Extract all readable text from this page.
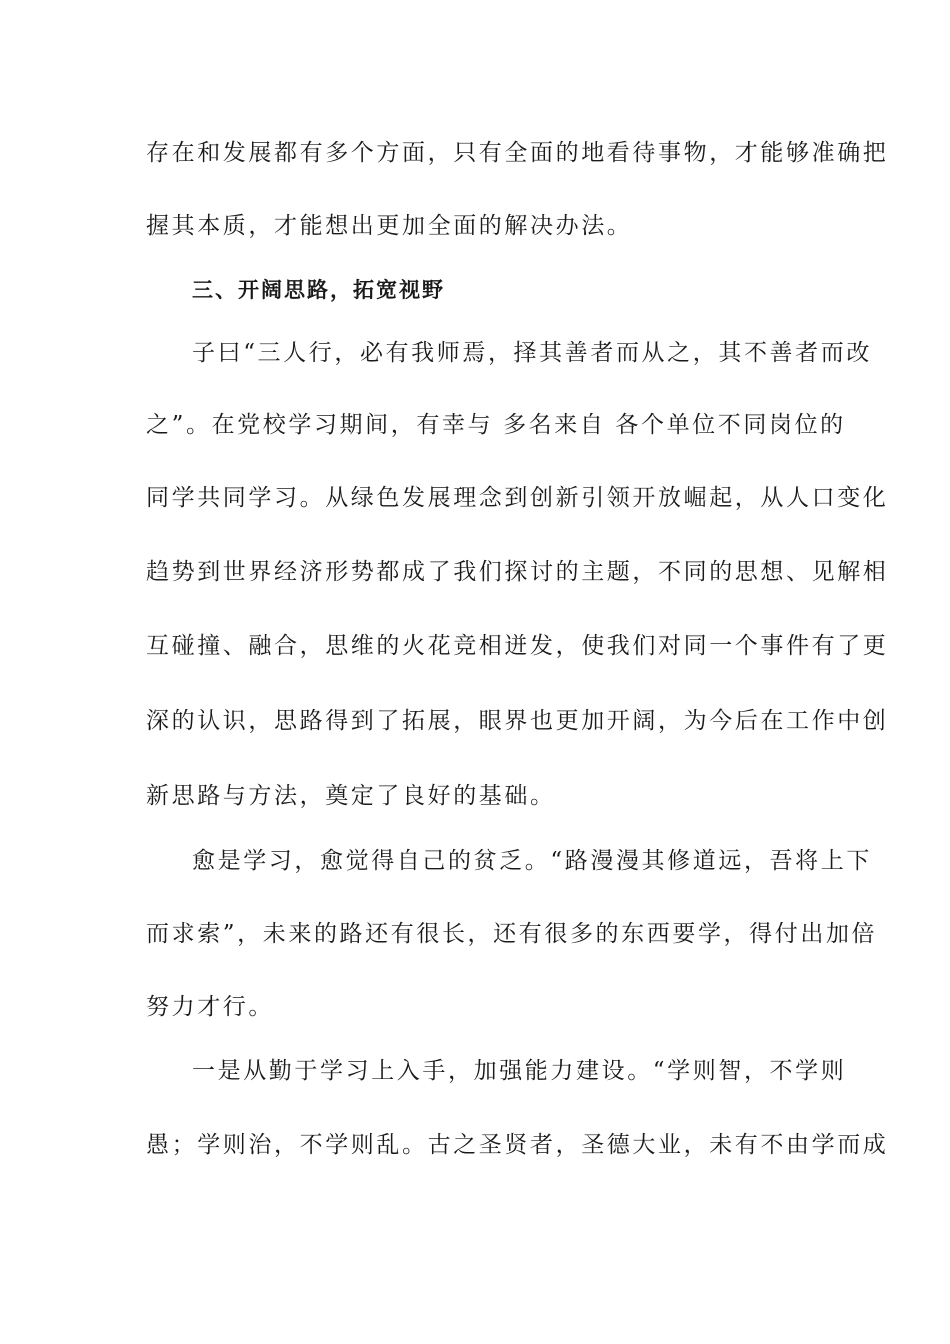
存在和发展都有多个方面，只有全面的地看待事物，才能够准确把
握其本质，才能想出更加全面的解决办法。
三、开阔思路，拓宽视野
子曰“三人行，必有我师焉，择其善者而从之，其不善者而改
之”。在党校学习期间，有幸与 多名来自 各个单位不同岗位的
同学共同学习。从绿色发展理念到创新引领开放崛起，从人口变化
趋势到世界经济形势都成了我们探讨的主题，不同的思想、见解相
互碰撞、融合，思维的火花竞相迸发，使我们对同一个事件有了更
深的认识，思路得到了拓展，眼界也更加开阔，为今后在工作中创
新思路与方法，奠定了良好的基础。
愈是学习，愈觉得自己的贫乏。“路漫漫其修道远，吾将上下
而求索”，未来的路还有很长，还有很多的东西要学，得付出加倍
努力才行。
一是从勤于学习上入手，加强能力建设。“学则智，不学则
愚；学则治，不学则乱。古之圣贤者，圣德大业，未有不由学而成
